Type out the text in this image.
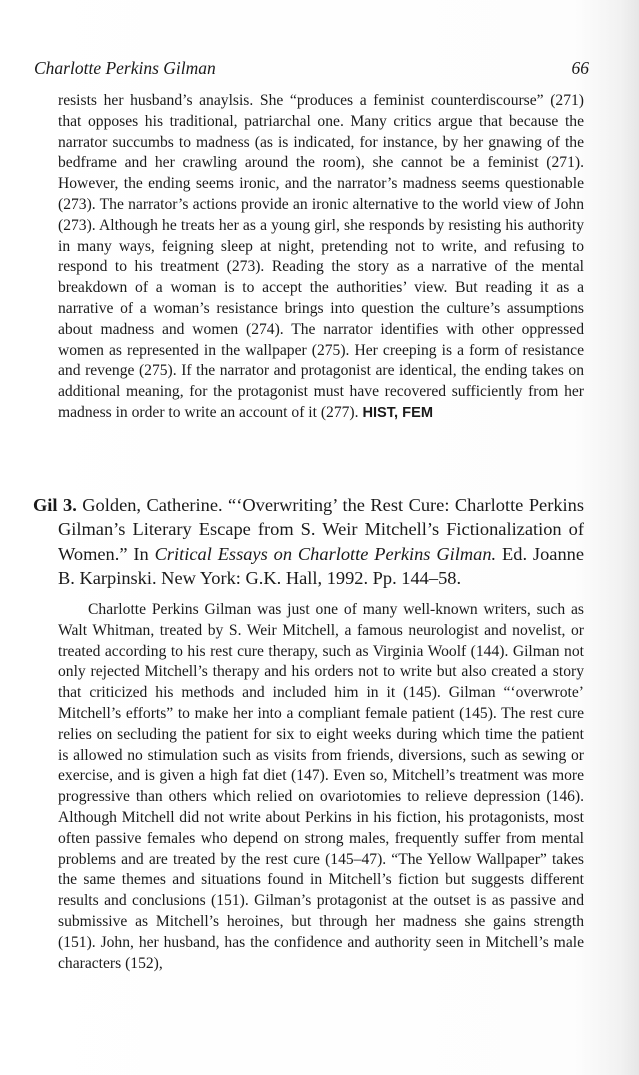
Charlotte Perkins Gilman	66

resists her husband’s anaylsis. She “produces a feminist counterdiscourse” (271) that opposes his traditional, patriarchal one. Many critics argue that because the narrator succumbs to madness (as is indicated, for instance, by her gnawing of the bedframe and her crawling around the room), she cannot be a feminist (271). However, the ending seems ironic, and the narrator’s madness seems questionable (273). The narrator’s actions provide an ironic alternative to the world view of John (273). Although he treats her as a young girl, she responds by resisting his authority in many ways, feigning sleep at night, pretending not to write, and refusing to respond to his treatment (273). Reading the story as a narrative of the mental breakdown of a woman is to accept the authorities’ view. But reading it as a narrative of a woman’s resistance brings into question the culture’s assumptions about madness and women (274). The narrator identifies with other oppressed women as represented in the wallpaper (275). Her creeping is a form of resistance and revenge (275). If the narrator and protagonist are identical, the ending takes on additional meaning, for the protagonist must have recovered sufficiently from her madness in order to write an account of it (277). HIST, FEM

Gil 3. Golden, Catherine. “‘Overwriting’ the Rest Cure: Charlotte Perkins Gilman’s Literary Escape from S. Weir Mitchell’s Fictionalization of Women.” In Critical Essays on Charlotte Perkins Gilman. Ed. Joanne B. Karpinski. New York: G.K. Hall, 1992. Pp. 144–58.

Charlotte Perkins Gilman was just one of many well-known writers, such as Walt Whitman, treated by S. Weir Mitchell, a famous neurologist and novelist, or treated according to his rest cure therapy, such as Virginia Woolf (144). Gilman not only rejected Mitchell’s therapy and his orders not to write but also created a story that criticized his methods and included him in it (145). Gilman “‘overwrote’ Mitchell’s efforts” to make her into a compliant female patient (145). The rest cure relies on secluding the patient for six to eight weeks during which time the patient is allowed no stimulation such as visits from friends, diversions, such as sewing or exercise, and is given a high fat diet (147). Even so, Mitchell’s treatment was more progressive than others which relied on ovariotomies to relieve depression (146). Although Mitchell did not write about Perkins in his fiction, his protagonists, most often passive females who depend on strong males, frequently suffer from mental problems and are treated by the rest cure (145–47). “The Yellow Wallpaper” takes the same themes and situations found in Mitchell’s fiction but suggests different results and conclusions (151). Gilman’s protagonist at the outset is as passive and submissive as Mitchell’s heroines, but through her madness she gains strength (151). John, her husband, has the confidence and authority seen in Mitchell’s male characters (152),
